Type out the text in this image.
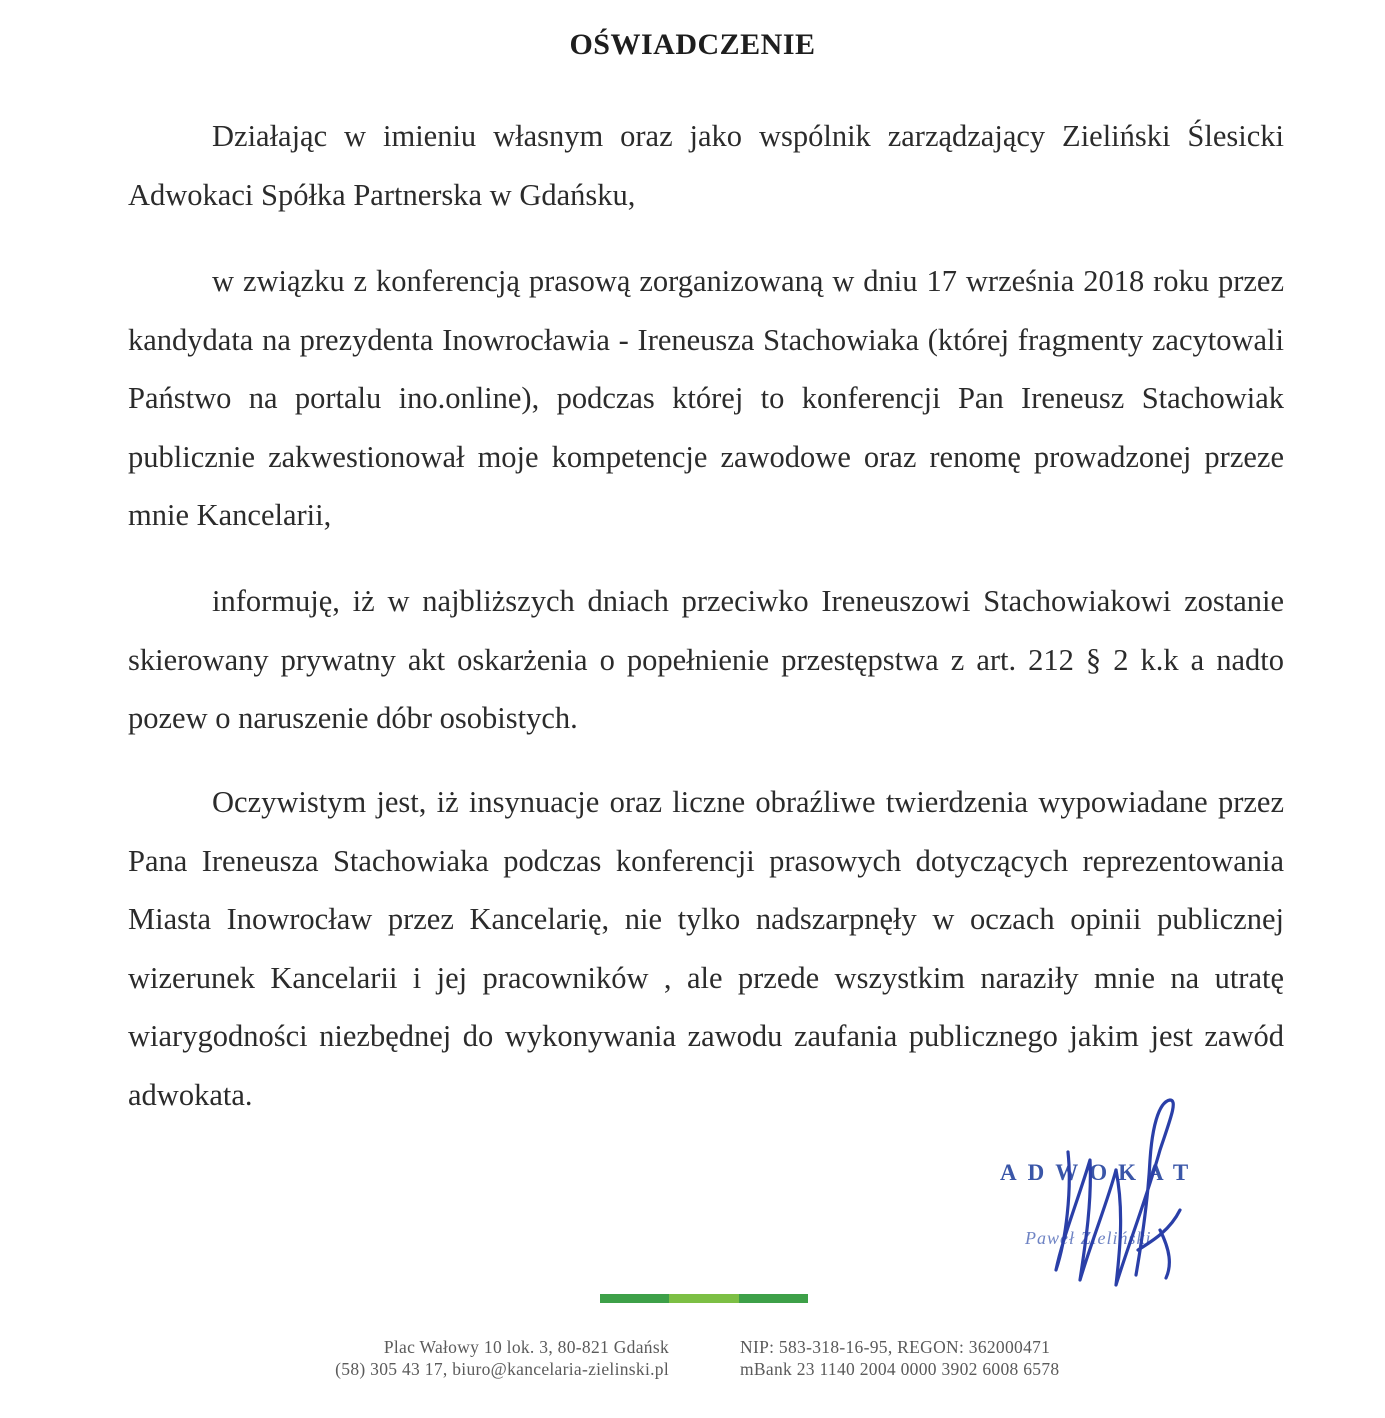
OŚWIADCZENIE

Działając w imieniu własnym oraz jako wspólnik zarządzający Zieliński Ślesicki Adwokaci Spółka Partnerska w Gdańsku,

w związku z konferencją prasową zorganizowaną w dniu 17 września 2018 roku przez kandydata na prezydenta Inowrocławia - Ireneusza Stachowiaka (której fragmenty zacytowali Państwo na portalu ino.online), podczas której to konferencji Pan Ireneusz Stachowiak publicznie zakwestionował moje kompetencje zawodowe oraz renomę prowadzonej przeze mnie Kancelarii,

informuję, iż w najbliższych dniach przeciwko Ireneuszowi Stachowiakowi zostanie skierowany prywatny akt oskarżenia o popełnienie przestępstwa z art. 212 § 2 k.k a nadto pozew o naruszenie dóbr osobistych.

Oczywistym jest, iż insynuacje oraz liczne obraźliwe twierdzenia wypowiadane przez Pana Ireneusza Stachowiaka podczas konferencji prasowych dotyczących reprezentowania Miasta Inowrocław przez Kancelarię, nie tylko nadszarpnęły w oczach opinii publicznej wizerunek Kancelarii i jej pracowników , ale przede wszystkim naraziły mnie na utratę wiarygodności niezbędnej do wykonywania zawodu zaufania publicznego jakim jest zawód adwokata.

ADWOKAT
Paweł Zieliński
Plac Wałowy 10 lok. 3, 80-821 Gdańsk
(58) 305 43 17, biuro@kancelaria-zielinski.pl
NIP: 583-318-16-95, REGON: 362000471
mBank 23 1140 2004 0000 3902 6008 6578
